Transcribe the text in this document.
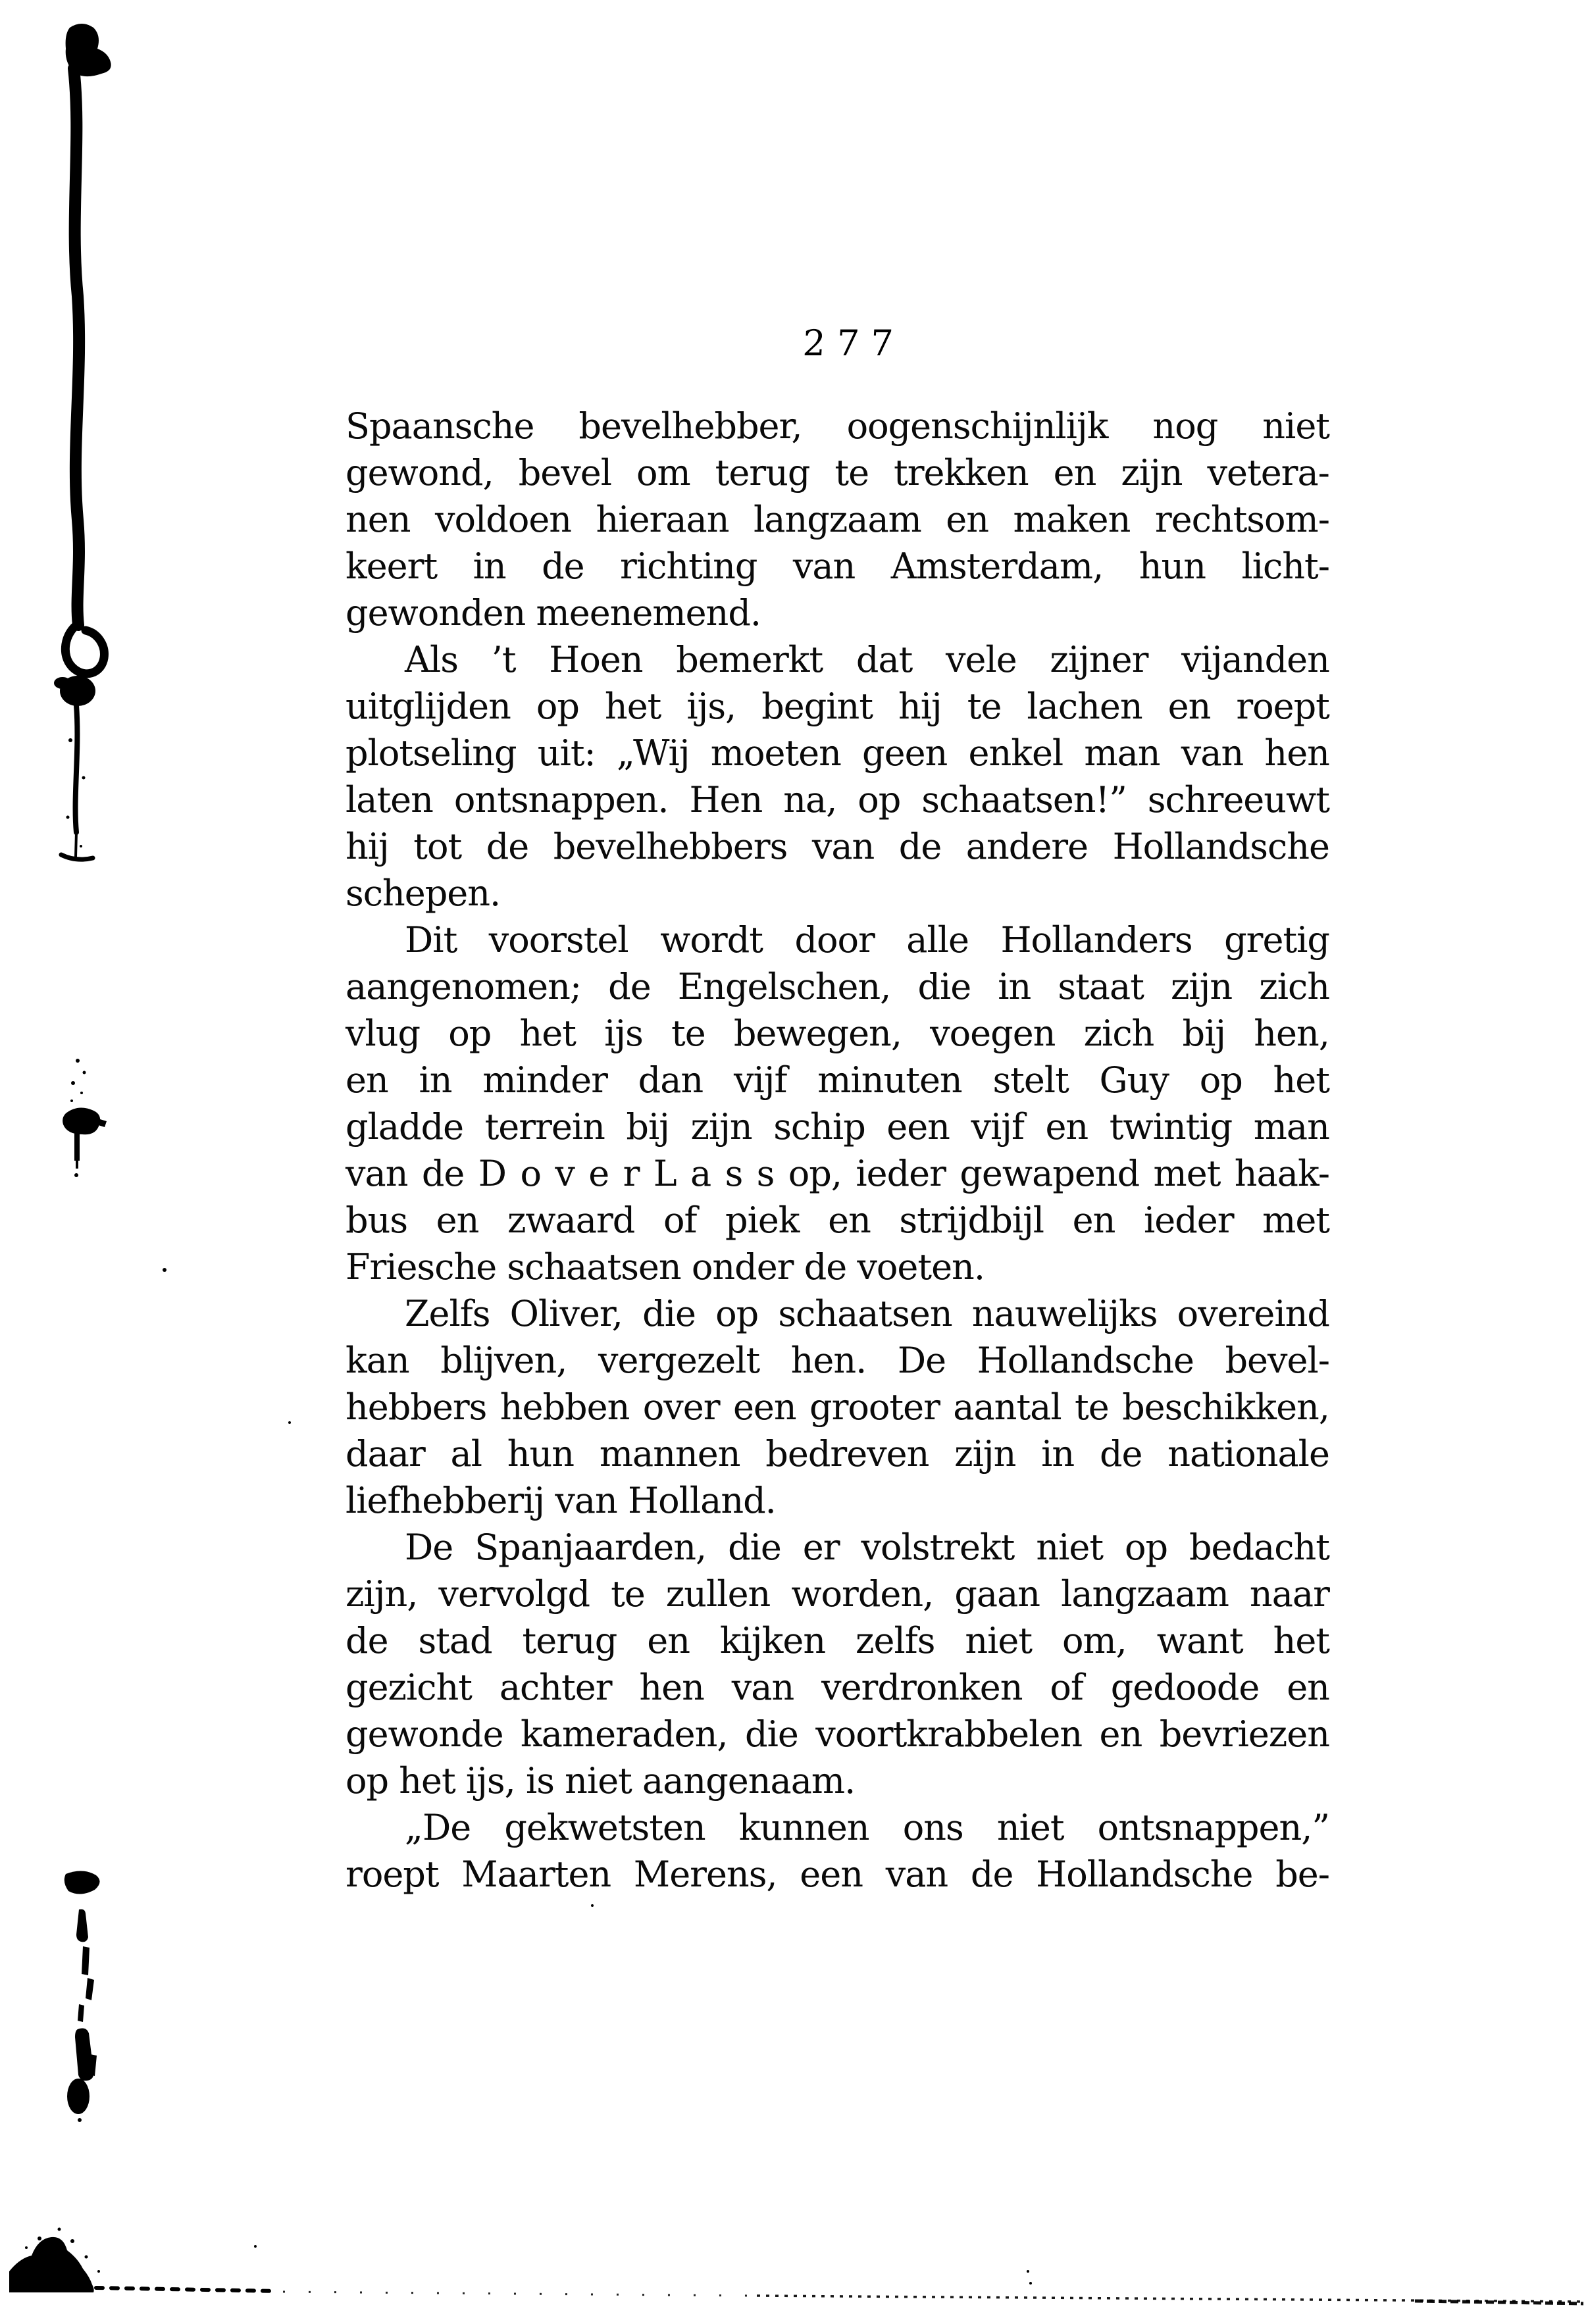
277
Spaansche bevelhebber, oogenschijnlijk nog niet
gewond, bevel om terug te trekken en zijn vetera-
nen voldoen hieraan langzaam en maken rechtsom-
keert in de richting van Amsterdam, hun licht-
gewonden meenemend.
Als ’t Hoen bemerkt dat vele zijner vijanden
uitglijden op het ijs, begint hij te lachen en roept
plotseling uit: „Wij moeten geen enkel man van hen
laten ontsnappen. Hen na, op schaatsen!” schreeuwt
hij tot de bevelhebbers van de andere Hollandsche
schepen.
Dit voorstel wordt door alle Hollanders gretig
aangenomen; de Engelschen, die in staat zijn zich
vlug op het ijs te bewegen, voegen zich bij hen,
en in minder dan vijf minuten stelt Guy op het
gladde terrein bij zijn schip een vijf en twintig man
van de D o v e r L a s s op, ieder gewapend met haak-
bus en zwaard of piek en strijdbijl en ieder met
Friesche schaatsen onder de voeten.
Zelfs Oliver, die op schaatsen nauwelijks overeind
kan blijven, vergezelt hen. De Hollandsche bevel-
hebbers hebben over een grooter aantal te beschikken,
daar al hun mannen bedreven zijn in de nationale
liefhebberij van Holland.
De Spanjaarden, die er volstrekt niet op bedacht
zijn, vervolgd te zullen worden, gaan langzaam naar
de stad terug en kijken zelfs niet om, want het
gezicht achter hen van verdronken of gedoode en
gewonde kameraden, die voortkrabbelen en bevriezen
op het ijs, is niet aangenaam.
„De gekwetsten kunnen ons niet ontsnappen,”
roept Maarten Merens, een van de Hollandsche be-
